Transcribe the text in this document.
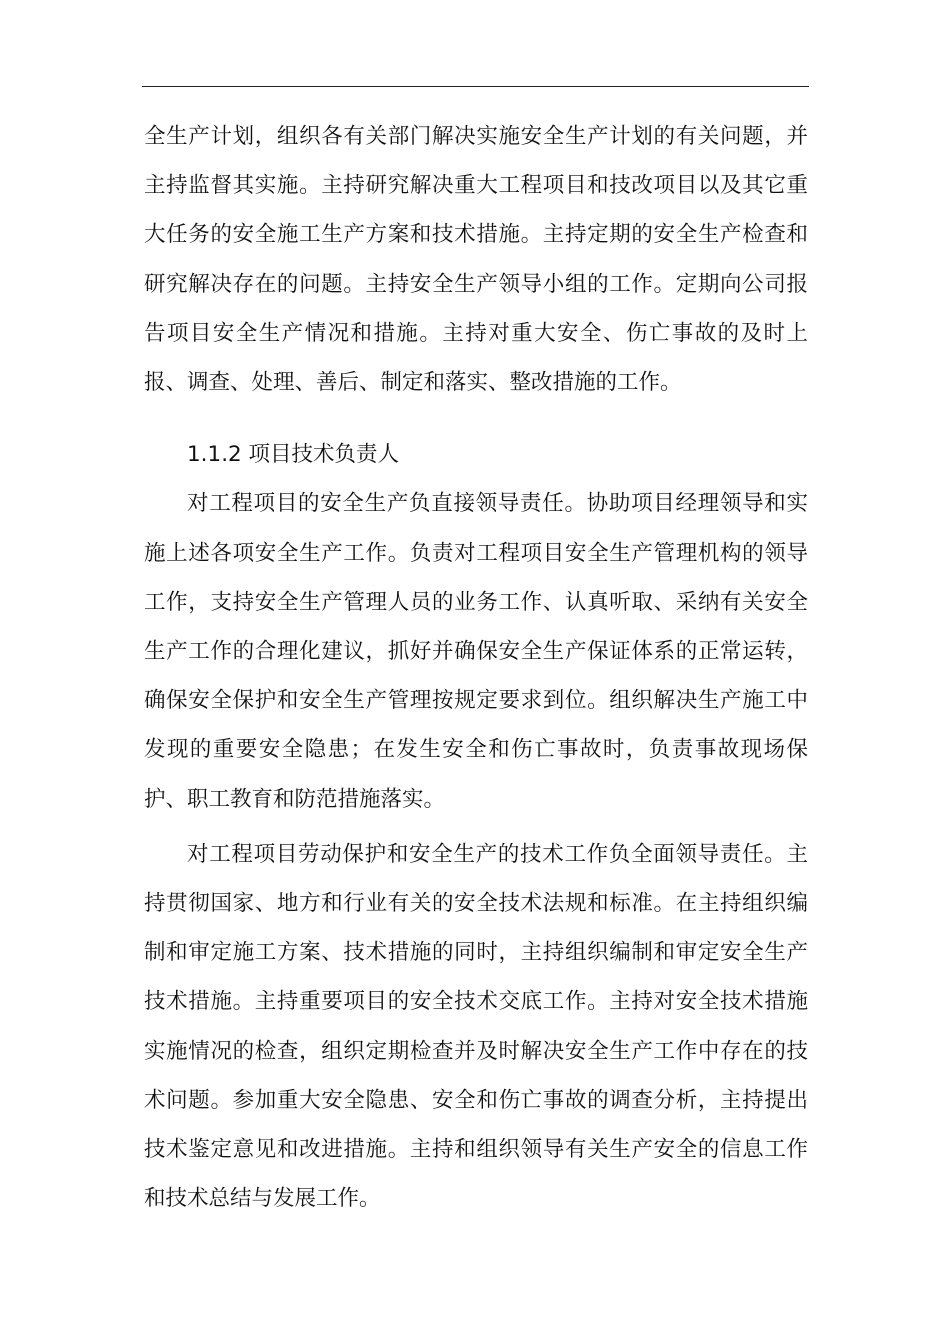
全生产计划，组织各有关部门解决实施安全生产计划的有关问题，并主持监督其实施。主持研究解决重大工程项目和技改项目以及其它重大任务的安全施工生产方案和技术措施。主持定期的安全生产检查和研究解决存在的问题。主持安全生产领导小组的工作。定期向公司报告项目安全生产情况和措施。主持对重大安全、伤亡事故的及时上报、调查、处理、善后、制定和落实、整改措施的工作。

1.1.2 项目技术负责人

对工程项目的安全生产负直接领导责任。协助项目经理领导和实施上述各项安全生产工作。负责对工程项目安全生产管理机构的领导工作，支持安全生产管理人员的业务工作、认真听取、采纳有关安全生产工作的合理化建议，抓好并确保安全生产保证体系的正常运转，确保安全保护和安全生产管理按规定要求到位。组织解决生产施工中发现的重要安全隐患；在发生安全和伤亡事故时，负责事故现场保护、职工教育和防范措施落实。

对工程项目劳动保护和安全生产的技术工作负全面领导责任。主持贯彻国家、地方和行业有关的安全技术法规和标准。在主持组织编制和审定施工方案、技术措施的同时，主持组织编制和审定安全生产技术措施。主持重要项目的安全技术交底工作。主持对安全技术措施实施情况的检查，组织定期检查并及时解决安全生产工作中存在的技术问题。参加重大安全隐患、安全和伤亡事故的调查分析，主持提出技术鉴定意见和改进措施。主持和组织领导有关生产安全的信息工作和技术总结与发展工作。
